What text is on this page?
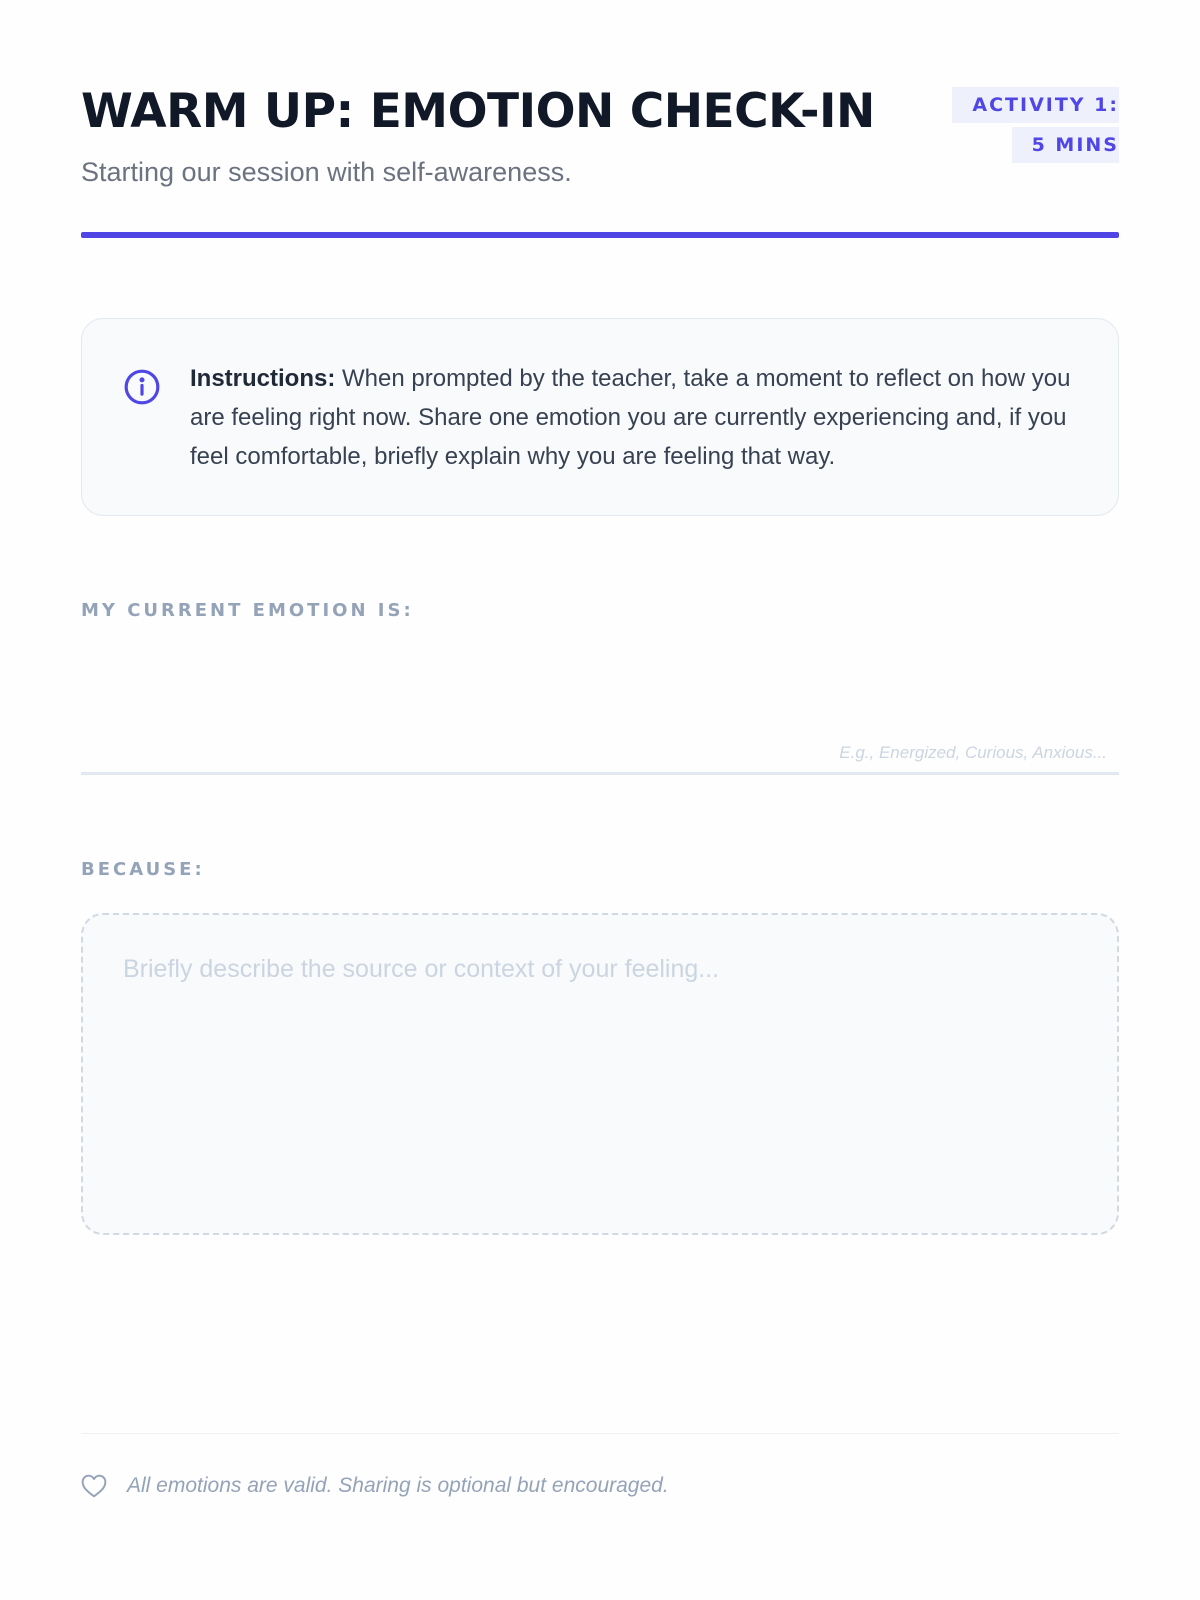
WARM UP: EMOTION CHECK-IN	ACTIVITY 1: 5 MINS

Starting our session with self-awareness.

Instructions: When prompted by the teacher, take a moment to reflect on how you are feeling right now. Share one emotion you are currently experiencing and, if you feel comfortable, briefly explain why you are feeling that way.

MY CURRENT EMOTION IS:
E.g., Energized, Curious, Anxious...
BECAUSE:
Briefly describe the source or context of your feeling...
All emotions are valid. Sharing is optional but encouraged.
